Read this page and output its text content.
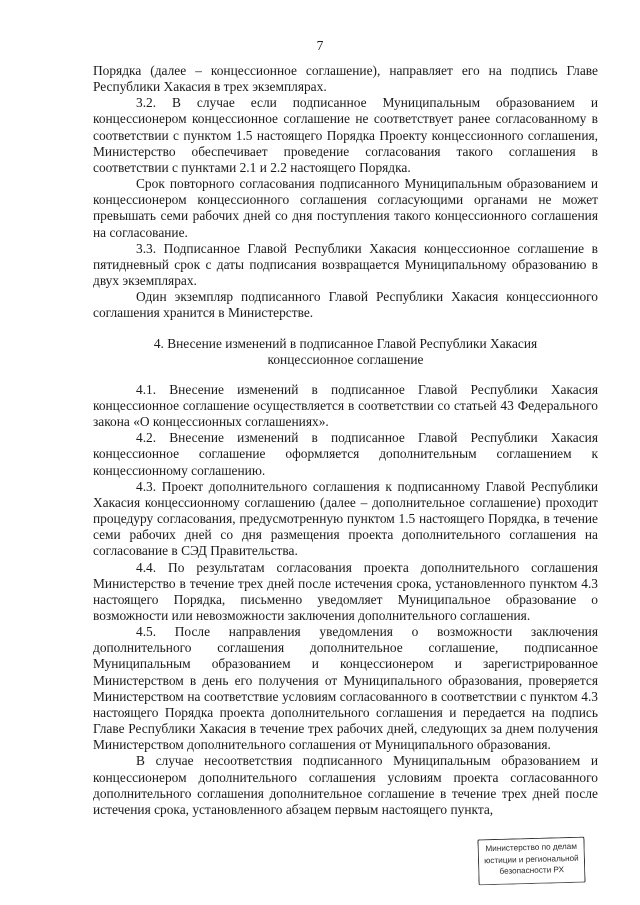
7

Порядка (далее – концессионное соглашение), направляет его на подпись Главе Республики Хакасия в трех экземплярах.

3.2. В случае если подписанное Муниципальным образованием и концессионером концессионное соглашение не соответствует ранее согласованному в соответствии с пунктом 1.5 настоящего Порядка Проекту концессионного соглашения, Министерство обеспечивает проведение согласования такого соглашения в соответствии с пунктами 2.1 и 2.2 настоящего Порядка.

Срок повторного согласования подписанного Муниципальным образованием и концессионером концессионного соглашения согласующими органами не может превышать семи рабочих дней со дня поступления такого концессионного соглашения на согласование.

3.3. Подписанное Главой Республики Хакасия концессионное соглашение в пятидневный срок с даты подписания возвращается Муниципальному образованию в двух экземплярах.

Один экземпляр подписанного Главой Республики Хакасия концессионного соглашения хранится в Министерстве.

4. Внесение изменений в подписанное Главой Республики Хакасия
концессионное соглашение

4.1. Внесение изменений в подписанное Главой Республики Хакасия концессионное соглашение осуществляется в соответствии со статьей 43 Федерального закона «О концессионных соглашениях».

4.2. Внесение изменений в подписанное Главой Республики Хакасия концессионное соглашение оформляется дополнительным соглашением к концессионному соглашению.

4.3. Проект дополнительного соглашения к подписанному Главой Республики Хакасия концессионному соглашению (далее – дополнительное соглашение) проходит процедуру согласования, предусмотренную пунктом 1.5 настоящего Порядка, в течение семи рабочих дней со дня размещения проекта дополнительного соглашения на согласование в СЭД Правительства.

4.4. По результатам согласования проекта дополнительного соглашения Министерство в течение трех дней после истечения срока, установленного пунктом 4.3 настоящего Порядка, письменно уведомляет Муниципальное образование о возможности или невозможности заключения дополнительного соглашения.

4.5. После направления уведомления о возможности заключения дополнительного соглашения дополнительное соглашение, подписанное Муниципальным образованием и концессионером и зарегистрированное Министерством в день его получения от Муниципального образования, проверяется Министерством на соответствие условиям согласованного в соответствии с пунктом 4.3 настоящего Порядка проекта дополнительного соглашения и передается на подпись Главе Республики Хакасия в течение трех рабочих дней, следующих за днем получения Министерством дополнительного соглашения от Муниципального образования.

В случае несоответствия подписанного Муниципальным образованием и концессионером дополнительного соглашения условиям проекта согласованного дополнительного соглашения дополнительное соглашение в течение трех дней после истечения срока, установленного абзацем первым настоящего пункта,

Министерство по делам
юстиции и региональной
безопасности РХ
